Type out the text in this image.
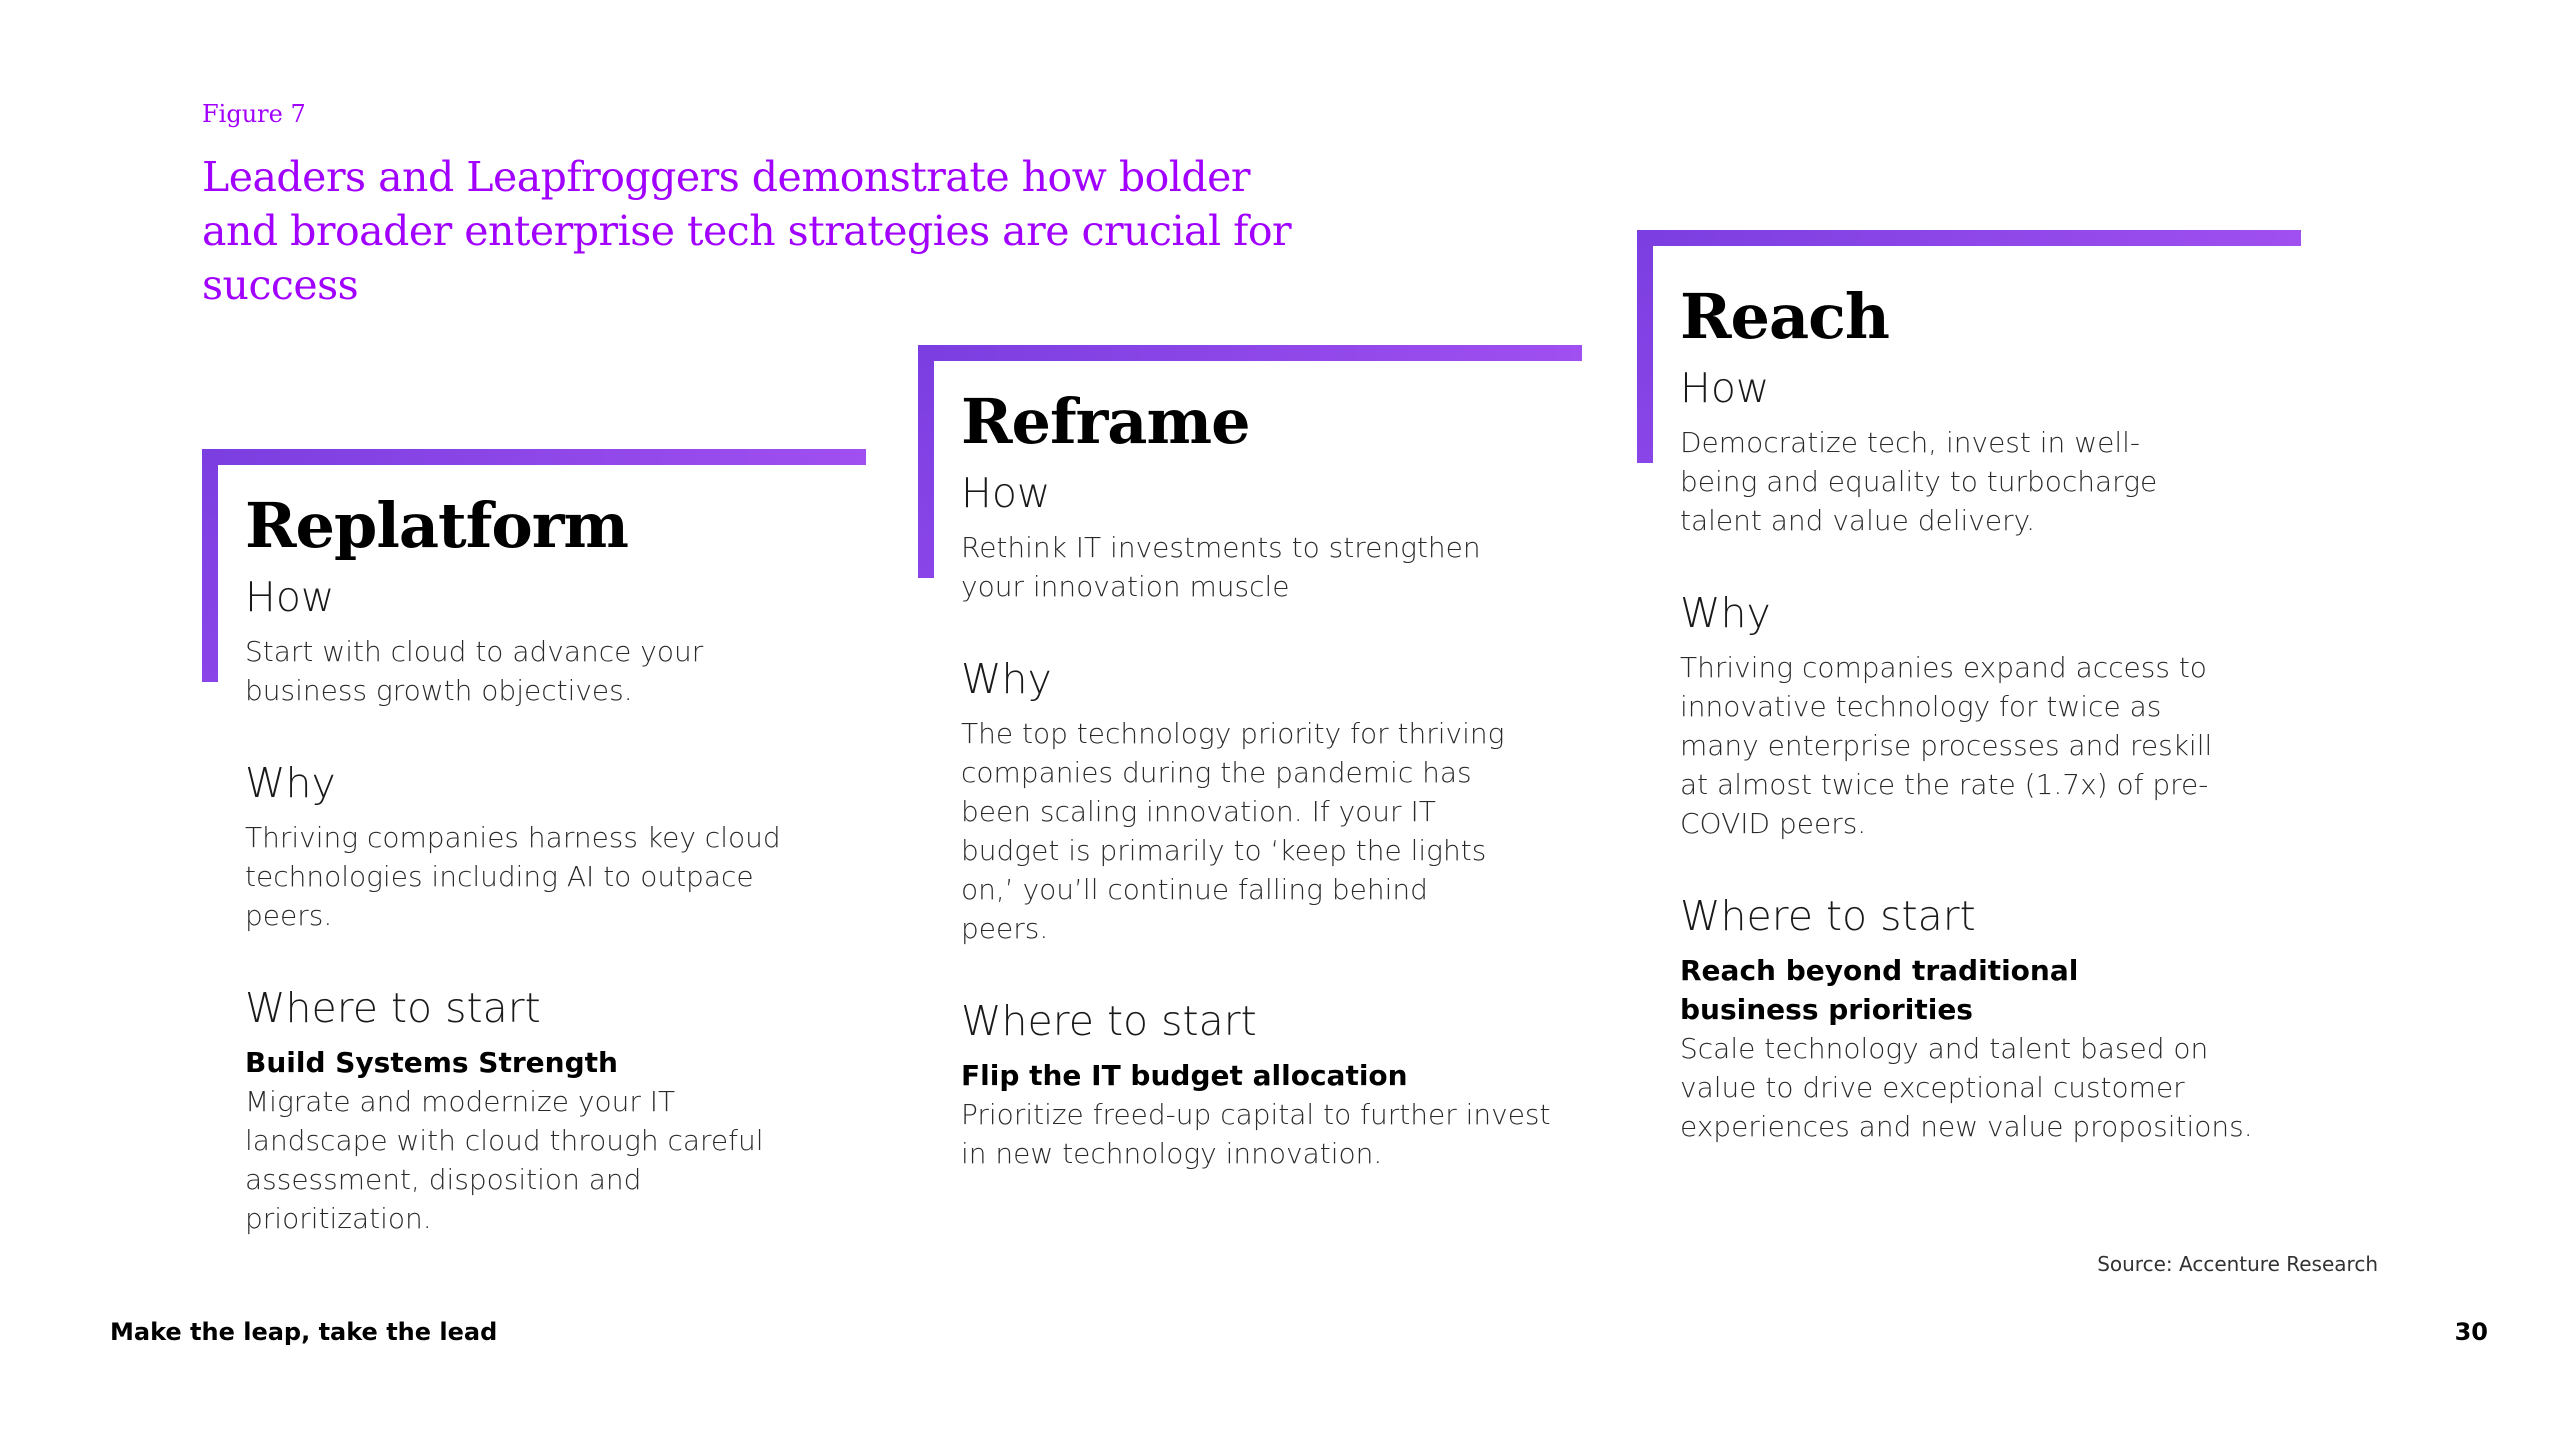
Figure 7
Leaders and Leapfroggers demonstrate how bolder and broader enterprise tech strategies are crucial for success
Replatform

How

Start with cloud to advance your business growth objectives.

Why

Thriving companies harness key cloud technologies including AI to outpace peers.

Where to start

Build Systems Strength

Migrate and modernize your IT landscape with cloud through careful assessment, disposition and prioritization.

Reframe

How

Rethink IT investments to strengthen your innovation muscle

Why

The top technology priority for thriving companies during the pandemic has been scaling innovation. If your IT budget is primarily to ‘keep the lights on,’ you’ll continue falling behind peers.

Where to start

Flip the IT budget allocation

Prioritize freed-up capital to further invest in new technology innovation.

Reach

How

Democratize tech, invest in well-being and equality to turbocharge talent and value delivery.

Why

Thriving companies expand access to innovative technology for twice as many enterprise processes and reskill at almost twice the rate (1.7x) of pre-COVID peers.

Where to start

Reach beyond traditional business priorities

Scale technology and talent based on value to drive exceptional customer experiences and new value propositions.

Source: Accenture Research
Make the leap, take the lead	30
